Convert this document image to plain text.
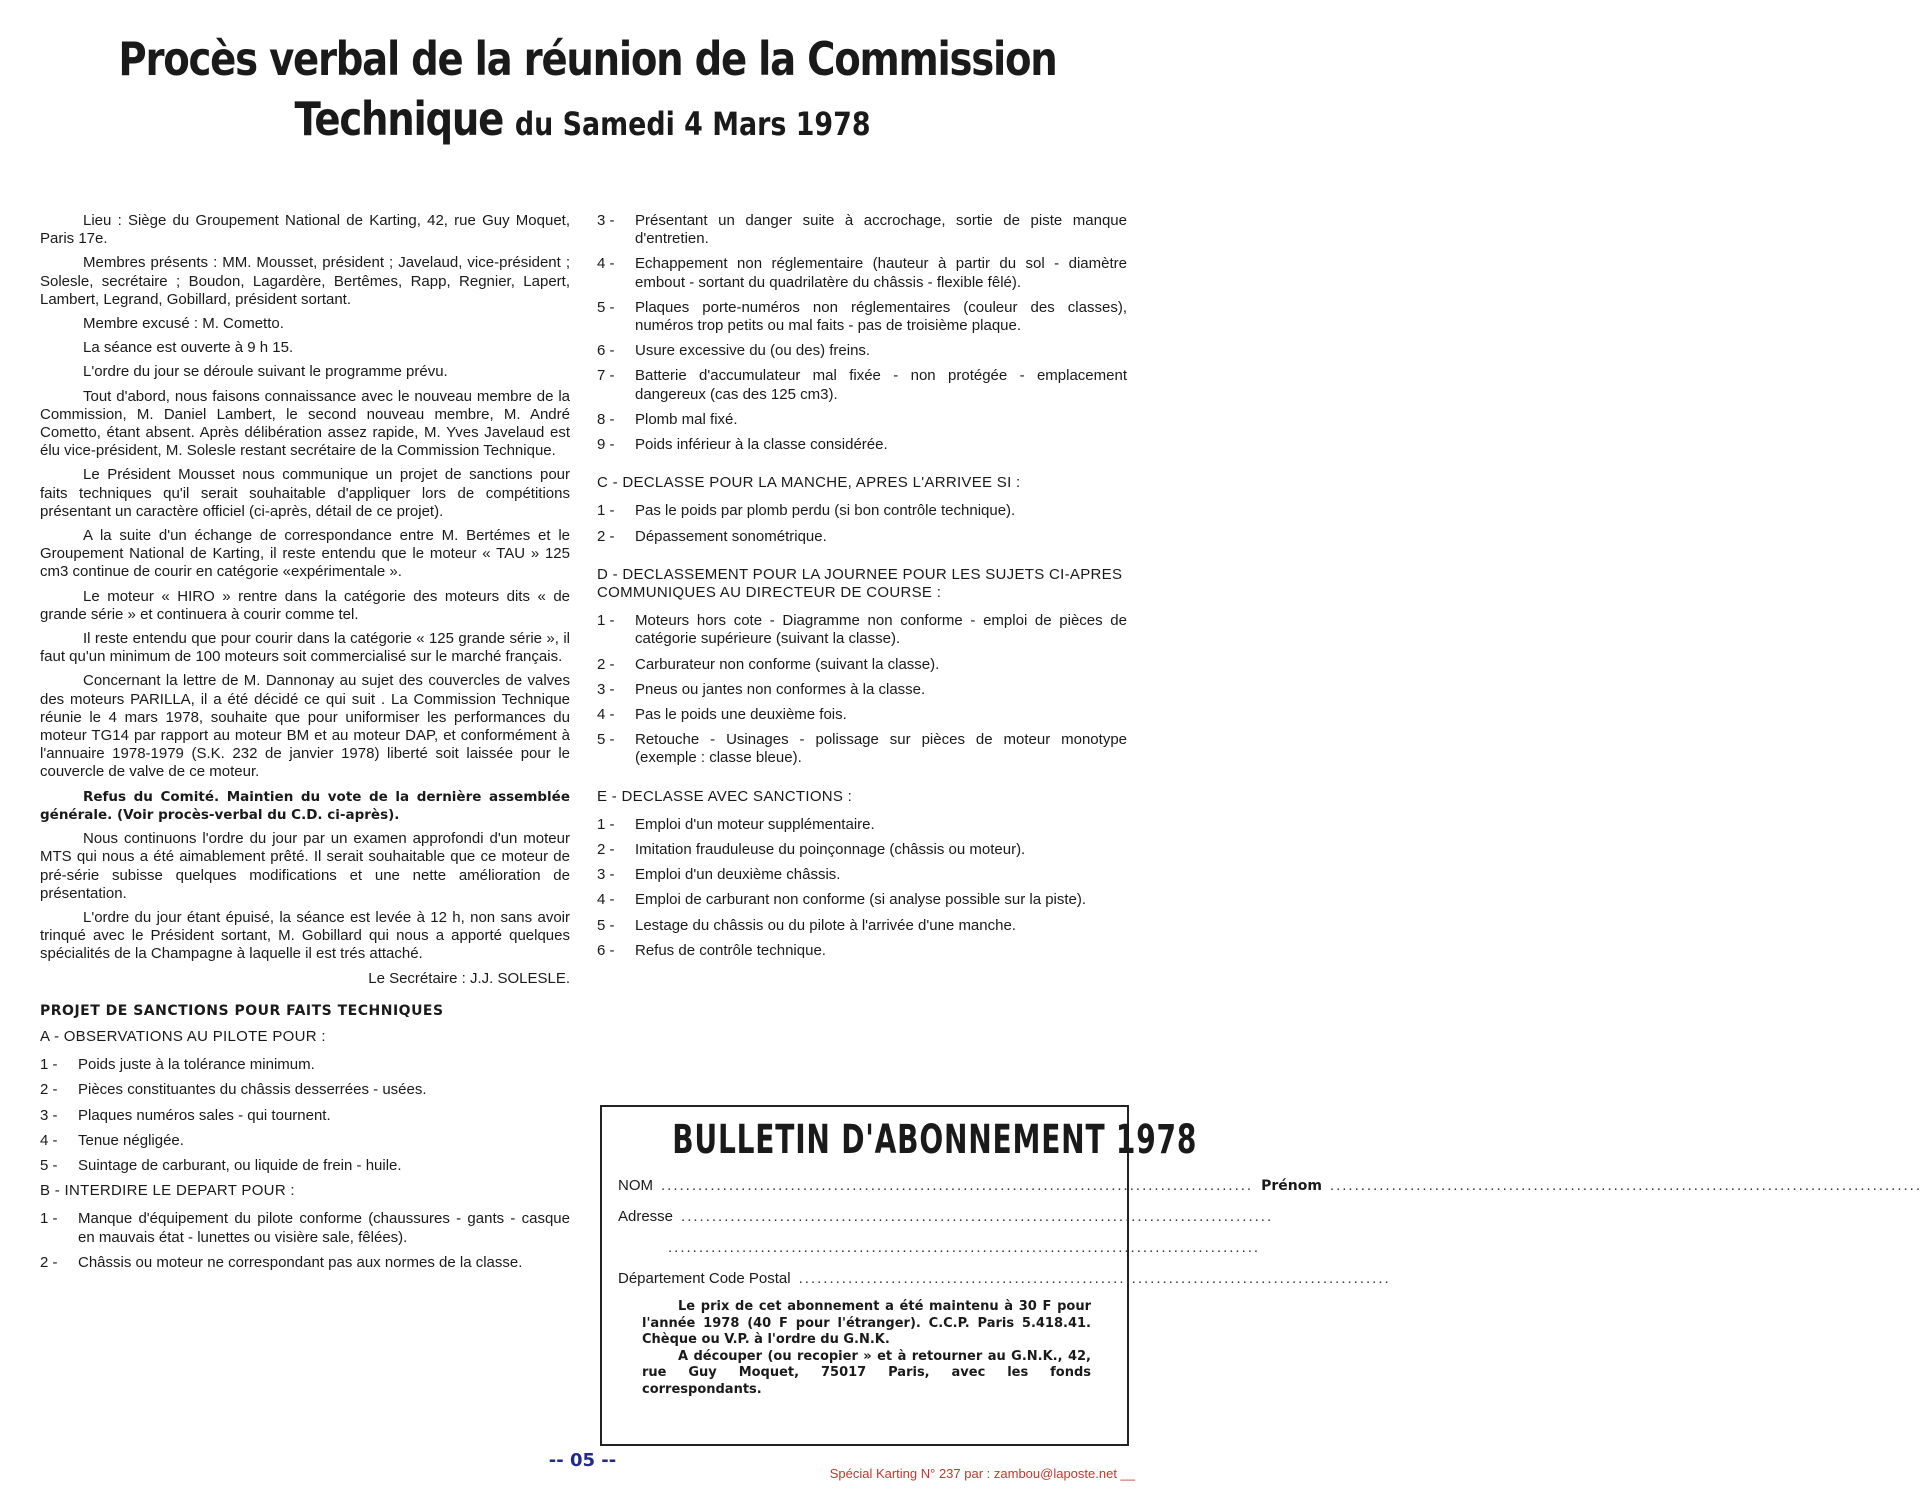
Procès verbal de la réunion de la Commission
Technique du Samedi 4 Mars 1978

Lieu : Siège du Groupement National de Karting, 42, rue Guy Moquet, Paris 17e.

Membres présents : MM. Mousset, président ; Javelaud, vice-président ; Solesle, secrétaire ; Boudon, Lagardère, Bertêmes, Rapp, Regnier, Lapert, Lambert, Legrand, Gobillard, président sortant.

Membre excusé : M. Cometto.

La séance est ouverte à 9 h 15.

L'ordre du jour se déroule suivant le programme prévu.

Tout d'abord, nous faisons connaissance avec le nouveau membre de la Commission, M. Daniel Lambert, le second nouveau membre, M. André Cometto, étant absent. Après délibération assez rapide, M. Yves Javelaud est élu vice-président, M. Solesle restant secrétaire de la Commission Technique.

Le Président Mousset nous communique un projet de sanctions pour faits techniques qu'il serait souhaitable d'appliquer lors de compétitions présentant un caractère officiel (ci-après, détail de ce projet).

A la suite d'un échange de correspondance entre M. Bertémes et le Groupement National de Karting, il reste entendu que le moteur « TAU » 125 cm3 continue de courir en catégorie «expérimentale ».

Le moteur « HIRO » rentre dans la catégorie des moteurs dits « de grande série » et continuera à courir comme tel.

Il reste entendu que pour courir dans la catégorie « 125 grande série », il faut qu'un minimum de 100 moteurs soit commercialisé sur le marché français.

Concernant la lettre de M. Dannonay au sujet des couvercles de valves des moteurs PARILLA, il a été décidé ce qui suit . La Commission Technique réunie le 4 mars 1978, souhaite que pour uniformiser les performances du moteur TG14 par rapport au moteur BM et au moteur DAP, et conformément à l'annuaire 1978-1979 (S.K. 232 de janvier 1978) liberté soit laissée pour le couvercle de valve de ce moteur.

Refus du Comité. Maintien du vote de la dernière assemblée générale. (Voir procès-verbal du C.D. ci-après).

Nous continuons l'ordre du jour par un examen approfondi d'un moteur MTS qui nous a été aimablement prêté. Il serait souhaitable que ce moteur de pré-série subisse quelques modifications et une nette amélioration de présentation.

L'ordre du jour étant épuisé, la séance est levée à 12 h, non sans avoir trinqué avec le Président sortant, M. Gobillard qui nous a apporté quelques spécialités de la Champagne à laquelle il est trés attaché.

Le Secrétaire : J.J. SOLESLE.
PROJET DE SANCTIONS POUR FAITS TECHNIQUES
A - OBSERVATIONS AU PILOTE POUR :
1 -	Poids juste à la tolérance minimum.
2 -	Pièces constituantes du châssis desserrées - usées.
3 -	Plaques numéros sales - qui tournent.
4 -	Tenue négligée.
5 -	Suintage de carburant, ou liquide de frein - huile.
B - INTERDIRE LE DEPART POUR :
1 -	Manque d'équipement du pilote conforme (chaussures - gants - casque en mauvais état - lunettes ou visière sale, fêlées).
2 -	Châssis ou moteur ne correspondant pas aux normes de la classe.
3 -	Présentant un danger suite à accrochage, sortie de piste manque d'entretien.
4 -	Echappement non réglementaire (hauteur à partir du sol - diamètre embout - sortant du quadrilatère du châssis - flexible fêlé).
5 -	Plaques porte-numéros non réglementaires (couleur des classes), numéros trop petits ou mal faits - pas de troisième plaque.
6 -	Usure excessive du (ou des) freins.
7 -	Batterie d'accumulateur mal fixée - non protégée - emplacement dangereux (cas des 125 cm3).
8 -	Plomb mal fixé.
9 -	Poids inférieur à la classe considérée.
C - DECLASSE POUR LA MANCHE, APRES L'ARRIVEE SI :
1 -	Pas le poids par plomb perdu (si bon contrôle technique).
2 -	Dépassement sonométrique.
D - DECLASSEMENT POUR LA JOURNEE POUR LES SUJETS CI-APRES COMMUNIQUES AU DIRECTEUR DE COURSE :
1 -	Moteurs hors cote - Diagramme non conforme - emploi de pièces de catégorie supérieure (suivant la classe).
2 -	Carburateur non conforme (suivant la classe).
3 -	Pneus ou jantes non conformes à la classe.
4 -	Pas le poids une deuxième fois.
5 -	Retouche - Usinages - polissage sur pièces de moteur monotype (exemple : classe bleue).
E - DECLASSE AVEC SANCTIONS :
1 -	Emploi d'un moteur supplémentaire.
2 -	Imitation frauduleuse du poinçonnage (châssis ou moteur).
3 -	Emploi d'un deuxième châssis.
4 -	Emploi de carburant non conforme (si analyse possible sur la piste).
5 -	Lestage du châssis ou du pilote à l'arrivée d'une manche.
6 -	Refus de contrôle technique.
BULLETIN D'ABONNEMENT 1978
NOM ................................................................................................ Prénom ................................................................................................
Adresse ................................................................................................
................................................................................................
Département Code Postal ................................................................................................

Le prix de cet abonnement a été maintenu à 30 F pour l'année 1978 (40 F pour l'étranger). C.C.P. Paris 5.418.41. Chèque ou V.P. à l'ordre du G.N.K.

A découper (ou recopier » et à retourner au G.N.K., 42, rue Guy Moquet, 75017 Paris, avec les fonds correspondants.

-- 05 --
Spécial Karting N° 237 par : zambou@laposte.net __
